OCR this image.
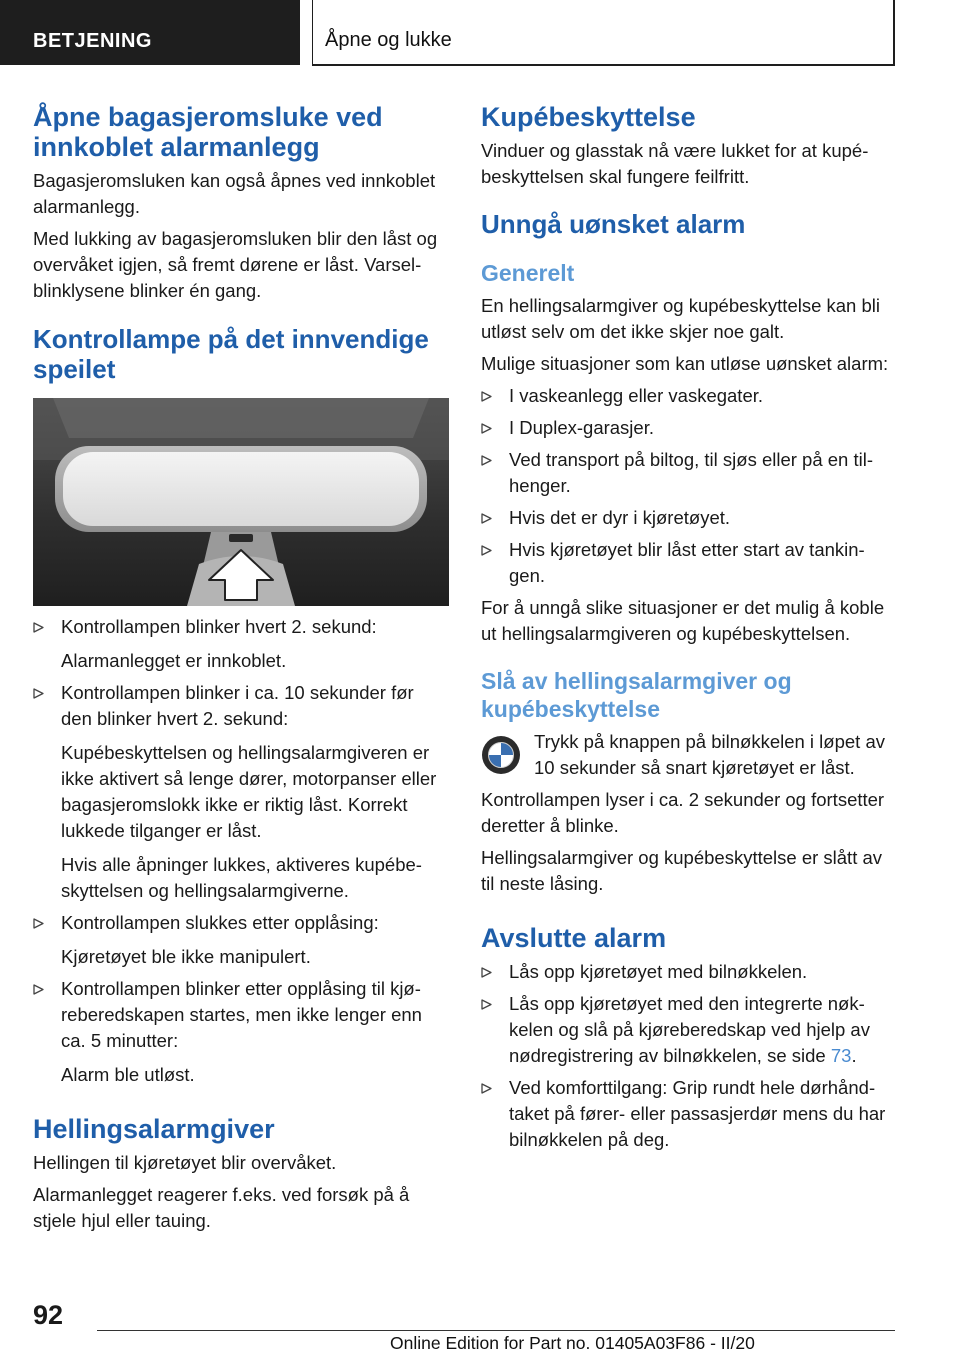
BETJENING	Åpne og lukke
Åpne bagasjeromsluke ved innkoblet alarmanlegg

Bagasjeromsluken kan også åpnes ved innkoblet alarmanlegg.

Med lukking av bagasjeromsluken blir den låst og overvåket igjen, så fremt dørene er låst. Varselblinklysene blinker én gang.

Kontrollampe på det innvendige speilet
Kontrollampen blinker hvert 2. sekund:
Alarmanlegget er innkoblet.
Kontrollampen blinker i ca. 10 sekunder før den blinker hvert 2. sekund:
Kupébeskyttelsen og hellingsalarmgiveren er ikke aktivert så lenge dører, motorpanser eller bagasjeromslokk ikke er riktig låst. Korrekt lukkede tilganger er låst.
Hvis alle åpninger lukkes, aktiveres kupébeskyttelsen og hellingsalarmgiverne.
Kontrollampen slukkes etter opplåsing:
Kjøretøyet ble ikke manipulert.
Kontrollampen blinker etter opplåsing til kjøreberedskapen startes, men ikke lenger enn ca. 5 minutter:
Alarm ble utløst.
Hellingsalarmgiver

Hellingen til kjøretøyet blir overvåket.

Alarmanlegget reagerer f.eks. ved forsøk på å stjele hjul eller tauing.

Kupébeskyttelse

Vinduer og glasstak nå være lukket for at kupébeskyttelsen skal fungere feilfritt.

Unngå uønsket alarm
Generelt

En hellingsalarmgiver og kupébeskyttelse kan bli utløst selv om det ikke skjer noe galt.

Mulige situasjoner som kan utløse uønsket alarm:

I vaskeanlegg eller vaskegater.
I Duplex-garasjer.
Ved transport på biltog, til sjøs eller på en tilhenger.
Hvis det er dyr i kjøretøyet.
Hvis kjøretøyet blir låst etter start av tankingen.

For å unngå slike situasjoner er det mulig å koble ut hellingsalarmgiveren og kupébeskyttelsen.

Slå av hellingsalarmgiver og kupébeskyttelse

Trykk på knappen på bilnøkkelen i løpet av 10 sekunder så snart kjøretøyet er låst.

Kontrollampen lyser i ca. 2 sekunder og fortsetter deretter å blinke.

Hellingsalarmgiver og kupébeskyttelse er slått av til neste låsing.

Avslutte alarm
Lås opp kjøretøyet med bilnøkkelen.
Lås opp kjøretøyet med den integrerte nøkkelen og slå på kjøreberedskap ved hjelp av nødregistrering av bilnøkkelen, se side 73.
Ved komforttilgang: Grip rundt hele dørhåndtaket på fører- eller passasjerdør mens du har bilnøkkelen på deg.
92
Online Edition for Part no. 01405A03F86 - II/20
